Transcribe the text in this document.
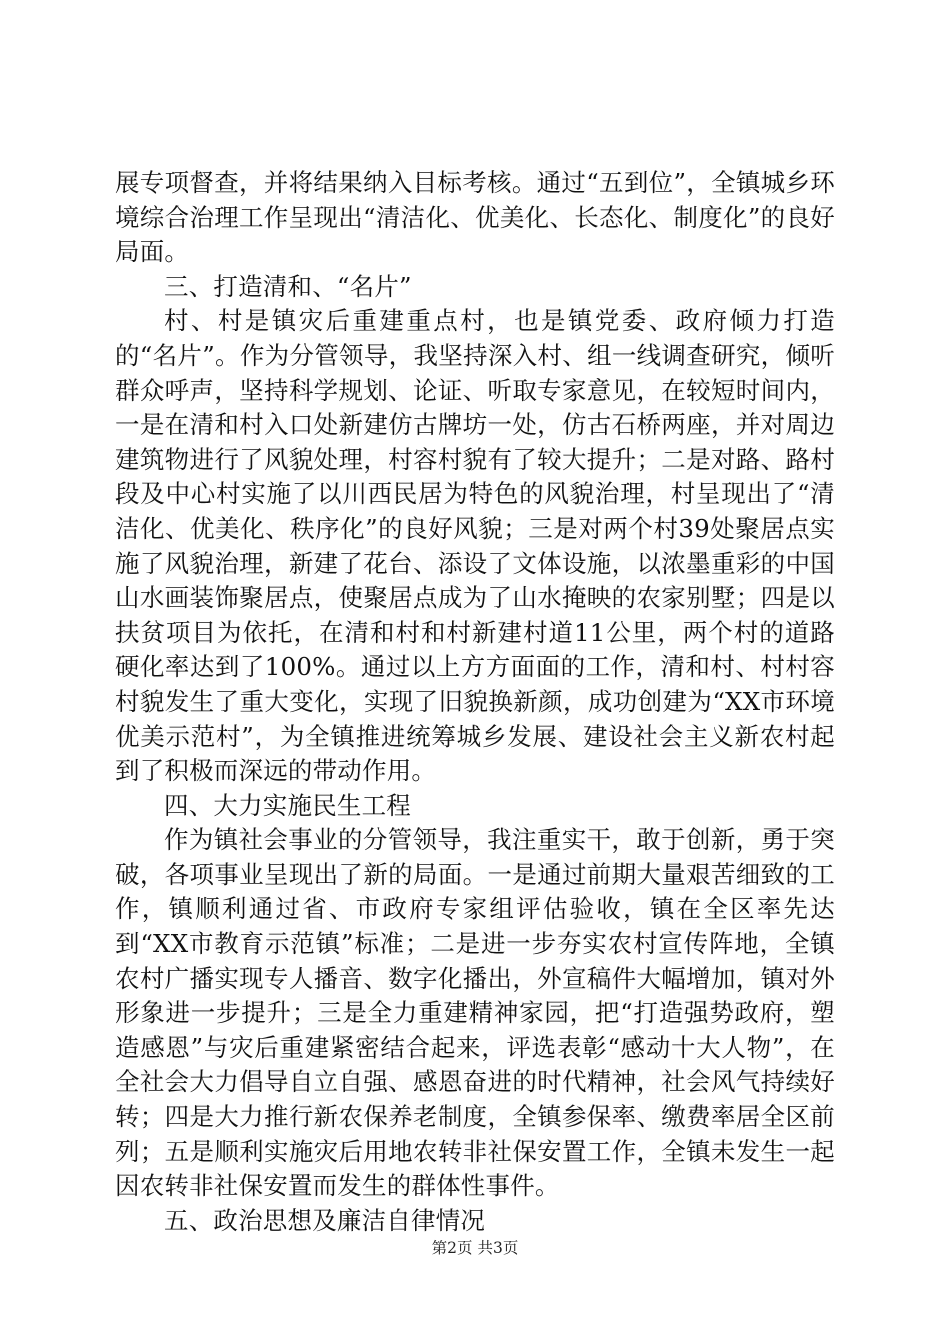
展专项督查，并将结果纳入目标考核。通过“五到位”，全镇城乡环境综合治理工作呈现出“清洁化、优美化、长态化、制度化”的良好局面。

三、打造清和、“名片”

村、村是镇灾后重建重点村，也是镇党委、政府倾力打造的“名片”。作为分管领导，我坚持深入村、组一线调查研究，倾听群众呼声，坚持科学规划、论证、听取专家意见，在较短时间内，一是在清和村入口处新建仿古牌坊一处，仿古石桥两座，并对周边建筑物进行了风貌处理，村容村貌有了较大提升；二是对路、路村段及中心村实施了以川西民居为特色的风貌治理，村呈现出了“清洁化、优美化、秩序化”的良好风貌；三是对两个村39处聚居点实施了风貌治理，新建了花台、添设了文体设施，以浓墨重彩的中国山水画装饰聚居点，使聚居点成为了山水掩映的农家别墅；四是以扶贫项目为依托，在清和村和村新建村道11公里，两个村的道路硬化率达到了100%。通过以上方方面面的工作，清和村、村村容村貌发生了重大变化，实现了旧貌换新颜，成功创建为“XX市环境优美示范村”，为全镇推进统筹城乡发展、建设社会主义新农村起到了积极而深远的带动作用。

四、大力实施民生工程

作为镇社会事业的分管领导，我注重实干，敢于创新，勇于突破，各项事业呈现出了新的局面。一是通过前期大量艰苦细致的工作，镇顺利通过省、市政府专家组评估验收，镇在全区率先达到“XX市教育示范镇”标准；二是进一步夯实农村宣传阵地，全镇农村广播实现专人播音、数字化播出，外宣稿件大幅增加，镇对外形象进一步提升；三是全力重建精神家园，把“打造强势政府，塑造感恩”与灾后重建紧密结合起来，评选表彰“感动十大人物”，在全社会大力倡导自立自强、感恩奋进的时代精神，社会风气持续好转；四是大力推行新农保养老制度，全镇参保率、缴费率居全区前列；五是顺利实施灾后用地农转非社保安置工作，全镇未发生一起因农转非社保安置而发生的群体性事件。

五、政治思想及廉洁自律情况

第2页 共3页
